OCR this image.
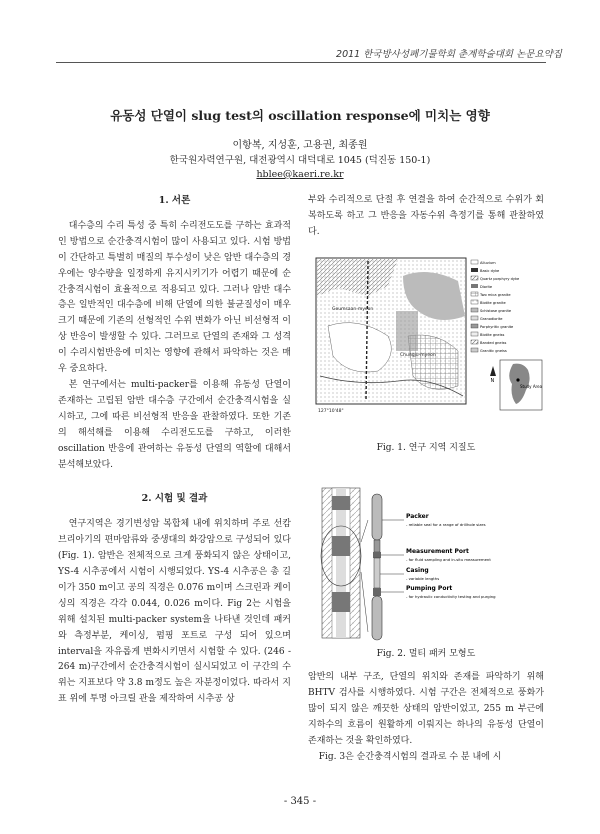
2011 한국방사성폐기물학회 춘계학술대회 논문요약집
유동성 단열이 slug test의 oscillation response에 미치는 영향
이항복, 지성훈, 고용권, 최종원
한국원자력연구원, 대전광역시 대덕대로 1045 (덕진동 150-1)
hblee@kaeri.re.kr
1. 서론

대수층의 수리 특성 중 특히 수리전도도를 구하는 효과적인 방법으로 순간충격시험이 많이 사용되고 있다. 시험 방법이 간단하고 특별히 매질의 투수성이 낮은 암반 대수층의 경우에는 양수량을 일정하게 유지시키기가 어렵기 때문에 순간충격시험이 효율적으로 적용되고 있다. 그러나 암반 대수층은 일반적인 대수층에 비해 단열에 의한 불균질성이 매우 크기 때문에 기존의 선형적인 수위 변화가 아닌 비선형적 이상 반응이 발생할 수 있다. 그러므로 단열의 존재와 그 성격이 수리시험반응에 미치는 영향에 관해서 파악하는 것은 매우 중요하다.

본 연구에서는 multi-packer를 이용해 유동성 단열이 존재하는 고립된 암반 대수층 구간에서 순간충격시험을 실시하고, 그에 따른 비선형적 반응을 관찰하였다. 또한 기존의 해석해를 이용해 수리전도도를 구하고, 이러한 oscillation 반응에 관여하는 유동성 단열의 역할에 대해서 분석해보았다.

2. 시험 및 결과

연구지역은 경기변성암 복합체 내에 위치하며 주로 선캄브리아기의 편마암류와 중생대의 화강암으로 구성되어 있다 (Fig. 1). 암반은 전체적으로 크게 풍화되지 않은 상태이고, YS-4 시추공에서 시험이 시행되었다. YS-4 시추공은 총 길이가 350 m이고 공의 직경은 0.076 m이며 스크린과 케이싱의 직경은 각각 0.044, 0.026 m이다. Fig 2는 시험을 위해 설치된 multi-packer system을 나타낸 것인데 패커와 측정부분, 케이싱, 펌핑 포트로 구성 되어 있으며 interval을 자유롭게 변화시키면서 시험할 수 있다. (246 - 264 m)구간에서 순간충격시험이 실시되었고 이 구간의 수위는 지표보다 약 3.8 m정도 높은 자분정이었다. 따라서 지표 위에 투명 아크릴 관을 제작하여 시추공 상

부와 수리적으로 단절 후 연결을 하여 순간적으로 수위가 회복하도록 하고 그 반응을 자동수위 측정기를 통해 관찰하였다.

Geumsaan-myeon
Chungju-myeon
127°10'48"
Alluvium
Basic dyke
Quartz porphyry dyke
Diorite
Two mica granite
Biotite granite
Schistose granite
Granodiorite
Porphyritic granite
Biotite gneiss
Banded gneiss
Granitic gneiss
Study Area
N
Fig. 1. 연구 지역 지질도
Packer
- reliable seal for a range of drillhole sizes
Measurement Port
- for fluid sampling and in-situ measurement
Casing
- variable lengths
Pumping Port
- for hydraulic conductivity testing and purging
Fig. 2. 멀티 패커 모형도

암반의 내부 구조, 단열의 위치와 존재를 파악하기 위해 BHTV 검사를 시행하였다. 시험 구간은 전체적으로 풍화가 많이 되지 않은 깨끗한 상태의 암반이었고, 255 m 부근에 지하수의 흐름이 원활하게 이뤄지는 하나의 유동성 단열이 존재하는 것을 확인하였다.

Fig. 3은 순간충격시험의 결과로 수 분 내에 시

- 345 -
